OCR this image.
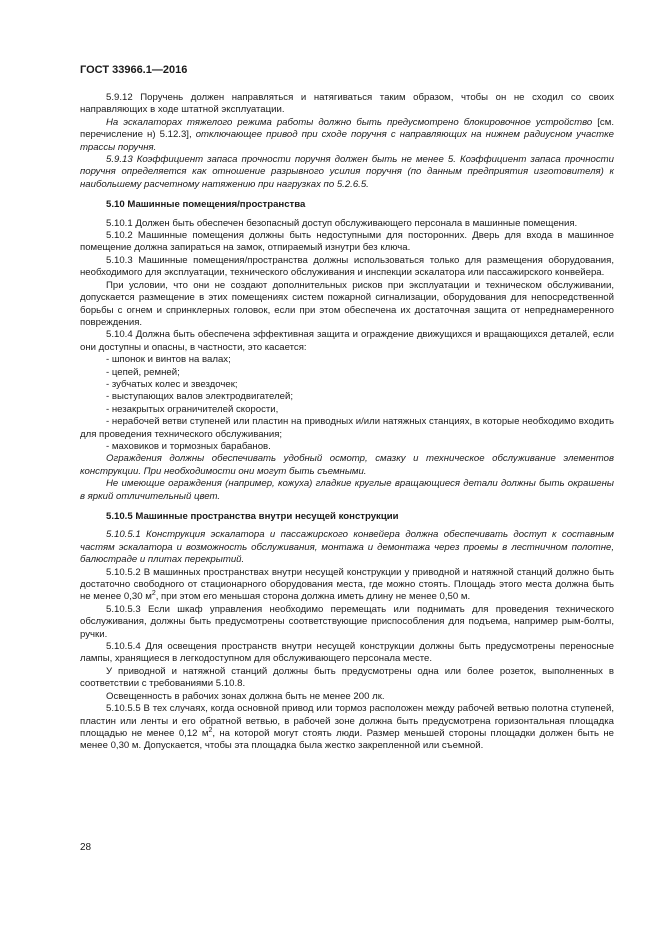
ГОСТ 33966.1—2016

5.9.12 Поручень должен направляться и натягиваться таким образом, чтобы он не сходил со своих направляющих в ходе штатной эксплуатации.

На эскалаторах тяжелого режима работы должно быть предусмотрено блокировочное устройство [см. перечисление н) 5.12.3], отключающее привод при сходе поручня с направляющих на нижнем радиусном участке трассы поручня.

5.9.13 Коэффициент запаса прочности поручня должен быть не менее 5. Коэффициент запаса прочности поручня определяется как отношение разрывного усилия поручня (по данным предприятия изготовителя) к наибольшему расчетному натяжению при нагрузках по 5.2.6.5.

5.10 Машинные помещения/пространства

5.10.1 Должен быть обеспечен безопасный доступ обслуживающего персонала в машинные помещения.

5.10.2 Машинные помещения должны быть недоступными для посторонних. Дверь для входа в машинное помещение должна запираться на замок, отпираемый изнутри без ключа.

5.10.3 Машинные помещения/пространства должны использоваться только для размещения оборудования, необходимого для эксплуатации, технического обслуживания и инспекции эскалатора или пассажирского конвейера.

При условии, что они не создают дополнительных рисков при эксплуатации и техническом обслуживании, допускается размещение в этих помещениях систем пожарной сигнализации, оборудования для непосредственной борьбы с огнем и спринклерных головок, если при этом обеспечена их достаточная защита от непреднамеренного повреждения.

5.10.4 Должна быть обеспечена эффективная защита и ограждение движущихся и вращающихся деталей, если они доступны и опасны, в частности, это касается:

- шпонок и винтов на валах;

- цепей, ремней;

- зубчатых колес и звездочек;

- выступающих валов электродвигателей;

- незакрытых ограничителей скорости,

- нерабочей ветви ступеней или пластин на приводных и/или натяжных станциях, в которые необходимо входить для проведения технического обслуживания;

- маховиков и тормозных барабанов.

Ограждения должны обеспечивать удобный осмотр, смазку и техническое обслуживание элементов конструкции. При необходимости они могут быть съемными.

Не имеющие ограждения (например, кожуха) гладкие круглые вращающиеся детали должны быть окрашены в яркий отличительный цвет.

5.10.5 Машинные пространства внутри несущей конструкции

5.10.5.1 Конструкция эскалатора и пассажирского конвейера должна обеспечивать доступ к составным частям эскалатора и возможность обслуживания, монтажа и демонтажа через проемы в лестничном полотне, балюстраде и плитах перекрытий.

5.10.5.2 В машинных пространствах внутри несущей конструкции у приводной и натяжной станций должно быть достаточно свободного от стационарного оборудования места, где можно стоять. Площадь этого места должна быть не менее 0,30 $м^2$, при этом его меньшая сторона должна иметь длину не менее 0,50 м.

5.10.5.3 Если шкаф управления необходимо перемещать или поднимать для проведения технического обслуживания, должны быть предусмотрены соответствующие приспособления для подъема, например рым-болты, ручки.

5.10.5.4 Для освещения пространств внутри несущей конструкции должны быть предусмотрены переносные лампы, хранящиеся в легкодоступном для обслуживающего персонала месте.

У приводной и натяжной станций должны быть предусмотрены одна или более розеток, выполненных в соответствии с требованиями 5.10.8.

Освещенность в рабочих зонах должна быть не менее 200 лк.

5.10.5.5 В тех случаях, когда основной привод или тормоз расположен между рабочей ветвью полотна ступеней, пластин или ленты и его обратной ветвью, в рабочей зоне должна быть предусмотрена горизонтальная площадка площадью не менее 0,12 $м^2$, на которой могут стоять люди. Размер меньшей стороны площадки должен быть не менее 0,30 м. Допускается, чтобы эта площадка была жестко закрепленной или съемной.

28
